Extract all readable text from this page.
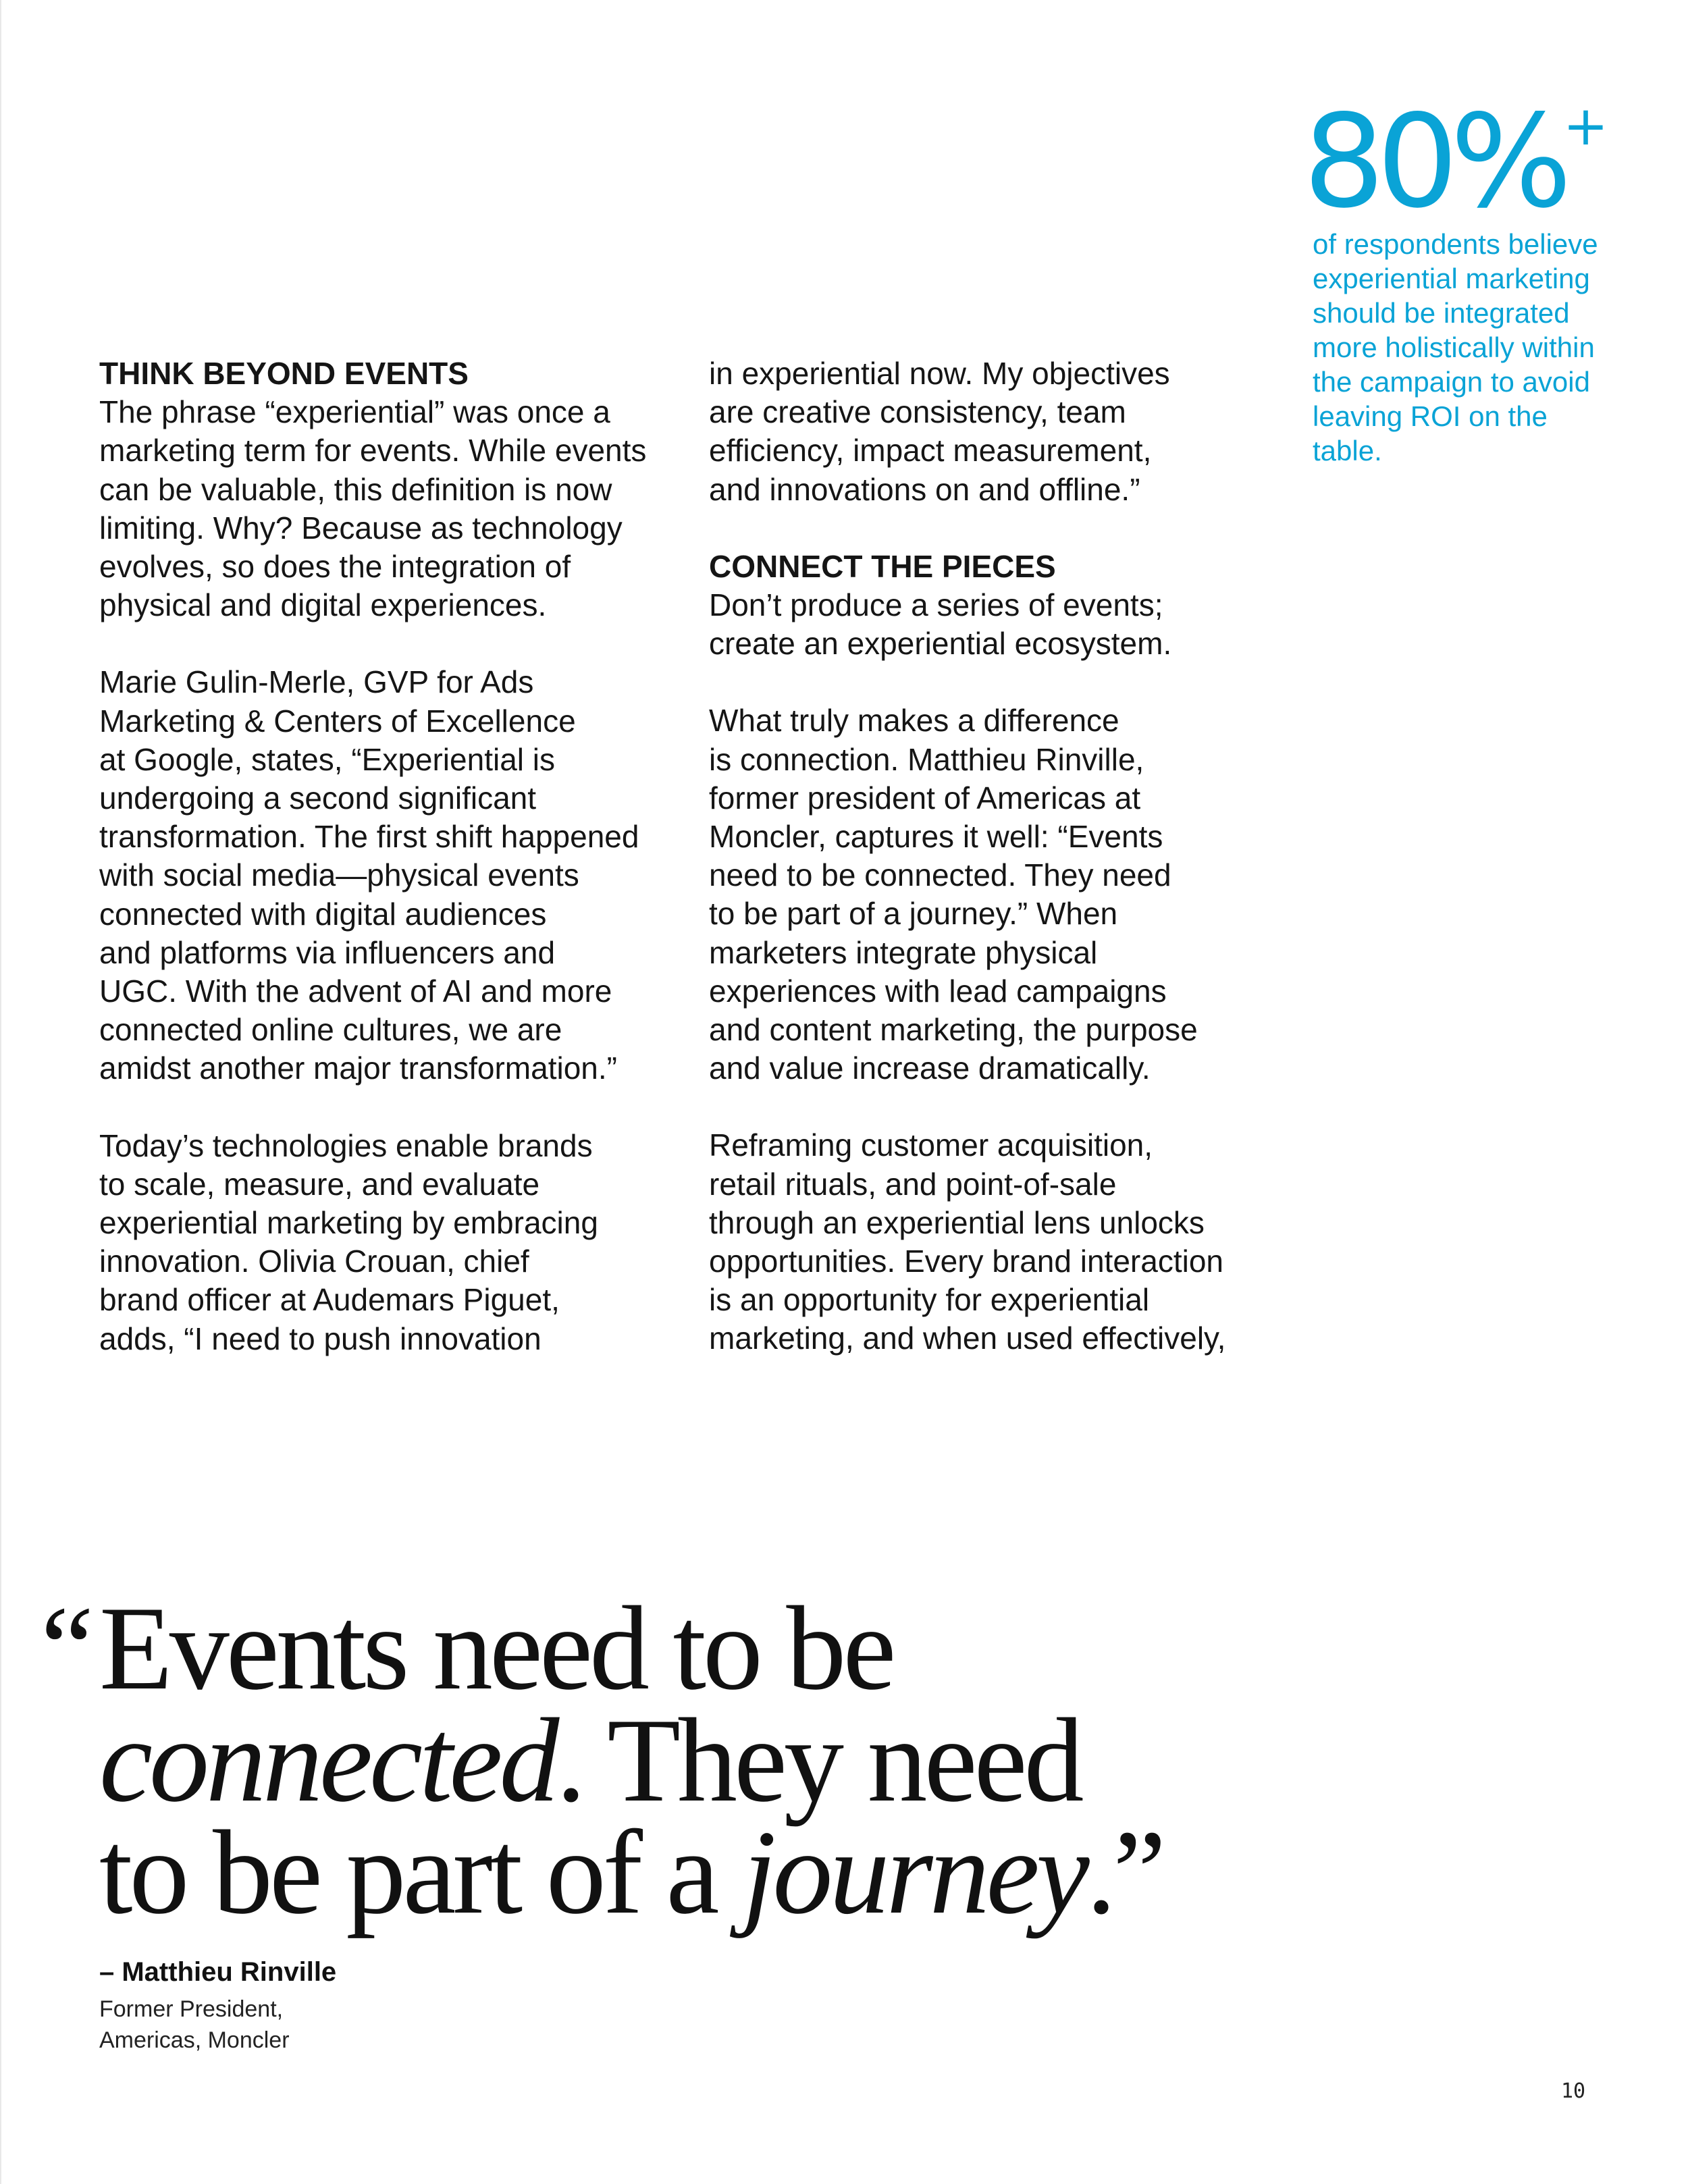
80%
+
of respondents believe experiential marketing should be integrated more holistically within the campaign to avoid leaving ROI on the table.
THINK BEYOND EVENTS

The phrase “experiential” was once a
marketing term for events. While events
can be valuable, this definition is now
limiting. Why? Because as technology
evolves, so does the integration of
physical and digital experiences.

Marie Gulin-Merle, GVP for Ads
Marketing & Centers of Excellence
at Google, states, “Experiential is
undergoing a second significant
transformation. The first shift happened
with social media—physical events
connected with digital audiences
and platforms via influencers and
UGC. With the advent of AI and more
connected online cultures, we are
amidst another major transformation.”

Today’s technologies enable brands
to scale, measure, and evaluate
experiential marketing by embracing
innovation. Olivia Crouan, chief
brand officer at Audemars Piguet,
adds, “I need to push innovation

in experiential now. My objectives
are creative consistency, team
efficiency, impact measurement,
and innovations on and offline.”

CONNECT THE PIECES

Don’t produce a series of events;
create an experiential ecosystem.

What truly makes a difference
is connection. Matthieu Rinville,
former president of Americas at
Moncler, captures it well: “Events
need to be connected. They need
to be part of a journey.” When
marketers integrate physical
experiences with lead campaigns
and content marketing, the purpose
and value increase dramatically.

Reframing customer acquisition,
retail rituals, and point-of-sale
through an experiential lens unlocks
opportunities. Every brand interaction
is an opportunity for experiential
marketing, and when used effectively,

“Events need to be
connected. They need
to be part of a journey.”
– Matthieu Rinville
Former President,
Americas, Moncler
10
